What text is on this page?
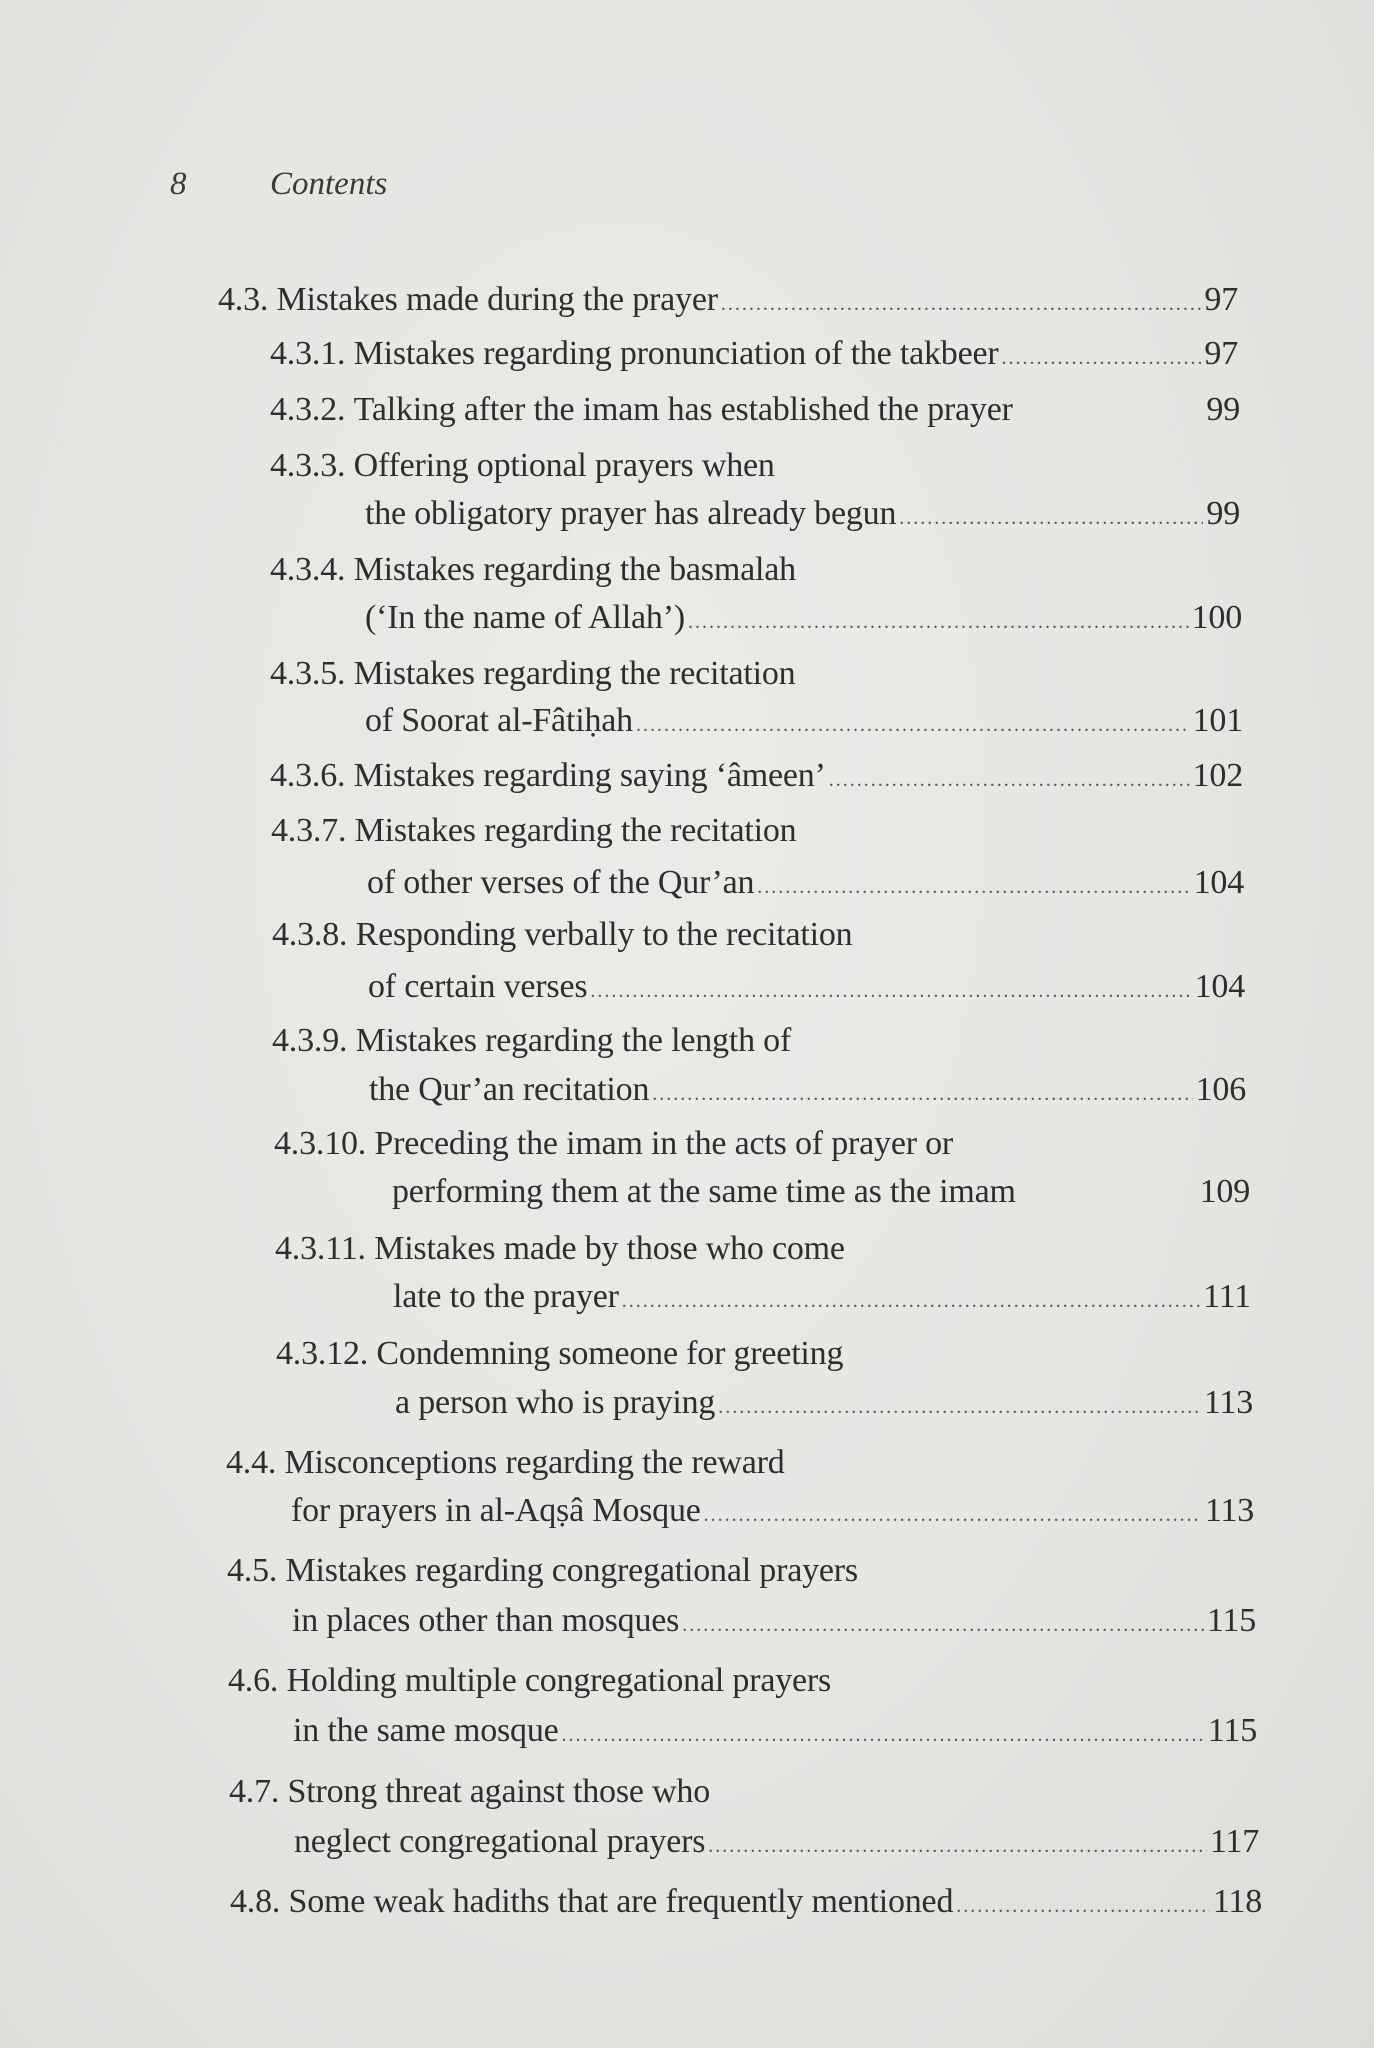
8	Contents
4.3.
Mistakes made during the prayer .....	97
4.3.1.
Mistakes regarding pronunciation of the takbeer .....	97
4.3.2.
Talking after the imam has established the prayer	99
4.3.3.
Offering optional prayers when
the obligatory prayer has already begun .....	99
4.3.4.
Mistakes regarding the basmalah
(‘In the name of Allah’) .....	100
4.3.5.
Mistakes regarding the recitation
of Soorat al-Fâtiḥah .....	101
4.3.6.
Mistakes regarding saying ‘âmeen’ .....	102
4.3.7.
Mistakes regarding the recitation
of other verses of the Qur’an .....	104
4.3.8.
Responding verbally to the recitation
of certain verses .....	104
4.3.9.
Mistakes regarding the length of
the Qur’an recitation .....	106
4.3.10.
Preceding the imam in the acts of prayer or
performing them at the same time as the imam	109
4.3.11.
Mistakes made by those who come
late to the prayer .....	111
4.3.12.
Condemning someone for greeting
a person who is praying .....	113
4.4.
Misconceptions regarding the reward
for prayers in al-Aqṣâ Mosque .....	113
4.5.
Mistakes regarding congregational prayers
in places other than mosques .....	115
4.6.
Holding multiple congregational prayers
in the same mosque .....	115
4.7.
Strong threat against those who
neglect congregational prayers .....	117
4.8.
Some weak hadiths that are frequently mentioned .....	118
